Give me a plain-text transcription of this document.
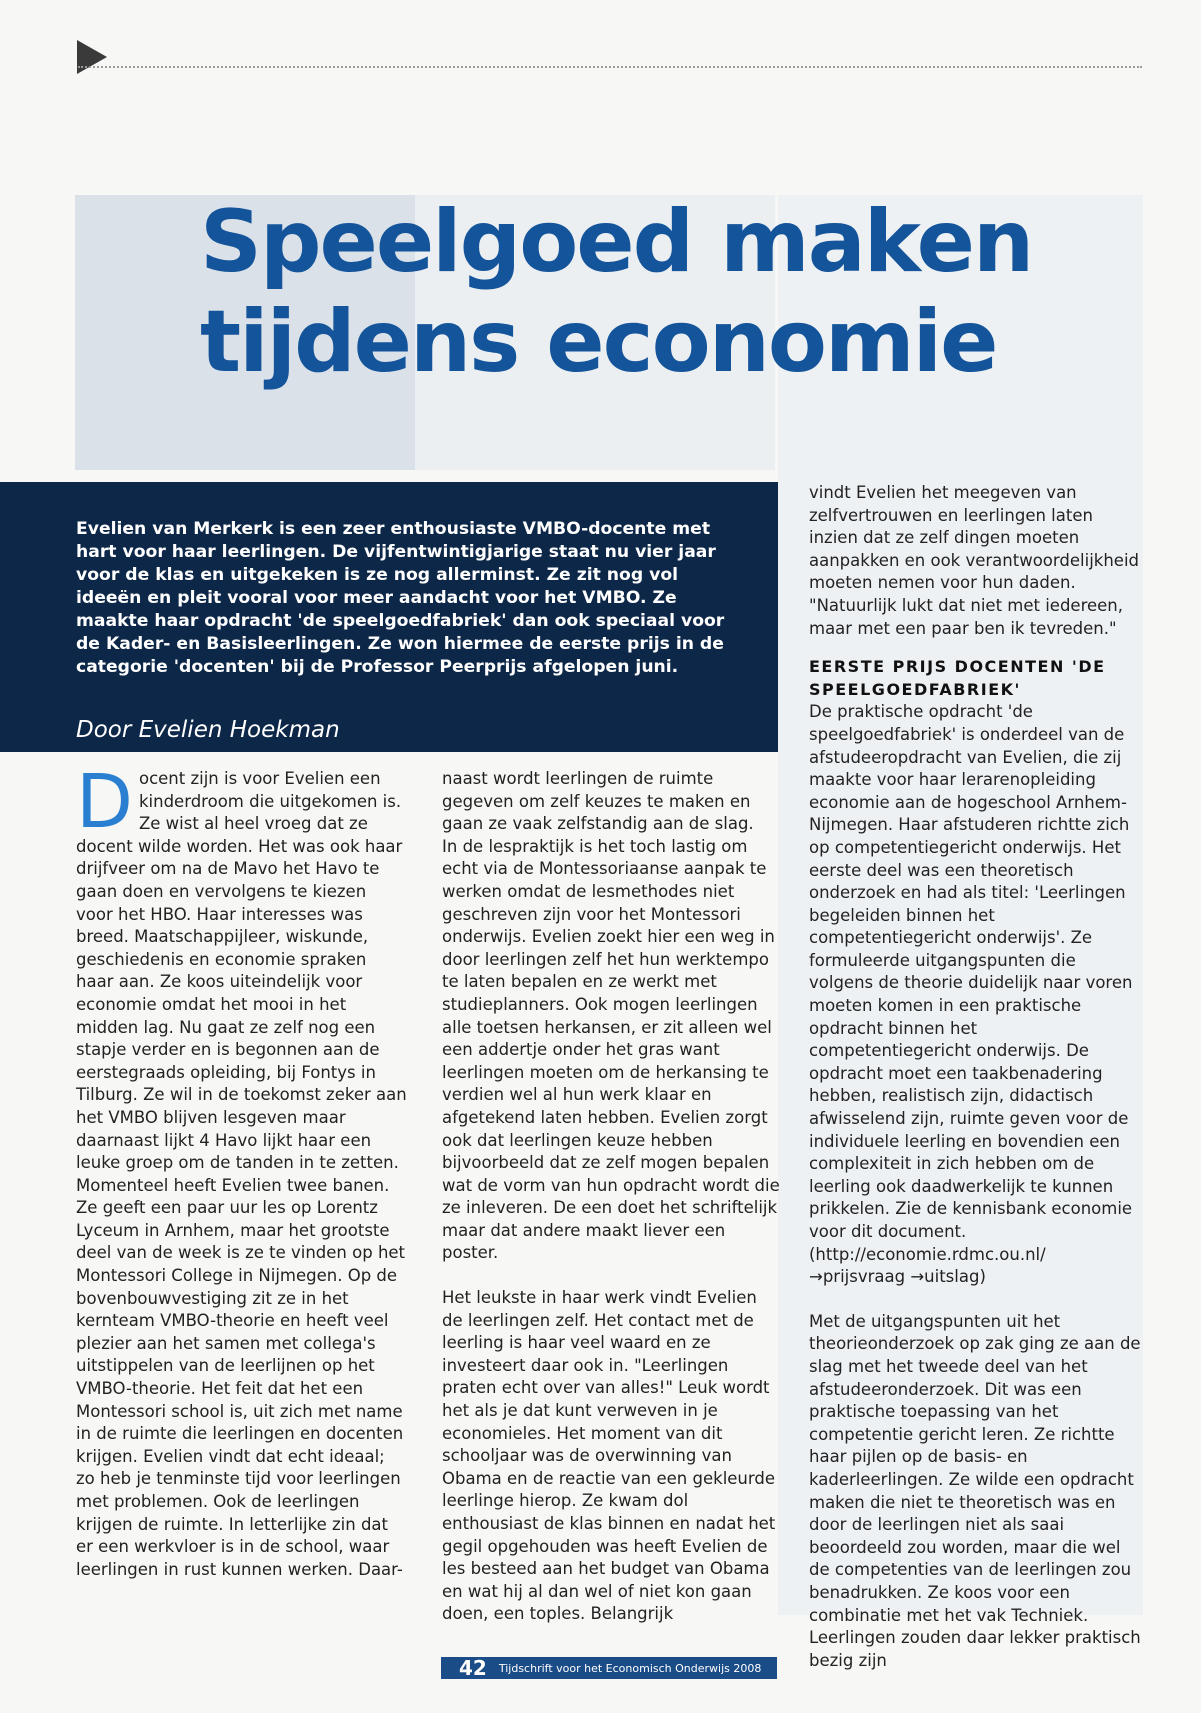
Speelgoed maken
tijdens economie

Evelien van Merkerk is een zeer enthousiaste VMBO-docente met hart voor haar leerlingen. De vijfentwintigjarige staat nu vier jaar voor de klas en uitgekeken is ze nog allerminst. Ze zit nog vol ideeën en pleit vooral voor meer aandacht voor het VMBO. Ze maakte haar opdracht 'de speelgoedfabriek' dan ook speciaal voor de Kader- en Basisleerlingen. Ze won hiermee de eerste prijs in de categorie 'docenten' bij de Professor Peerprijs afgelopen juni.

Door Evelien Hoekman

Docent zijn is voor Evelien een kinderdroom die uitgekomen is. Ze wist al heel vroeg dat ze docent wilde worden. Het was ook haar drijfveer om na de Mavo het Havo te gaan doen en vervolgens te kiezen voor het HBO. Haar interesses was breed. Maatschappijleer, wiskunde, geschiedenis en economie spraken haar aan. Ze koos uiteindelijk voor economie omdat het mooi in het midden lag. Nu gaat ze zelf nog een stapje verder en is begonnen aan de eerstegraads opleiding, bij Fontys in Tilburg. Ze wil in de toekomst zeker aan het VMBO blijven lesgeven maar daarnaast lijkt 4 Havo lijkt haar een leuke groep om de tanden in te zetten.

Momenteel heeft Evelien twee banen. Ze geeft een paar uur les op Lorentz Lyceum in Arnhem, maar het grootste deel van de week is ze te vinden op het Montessori College in Nijmegen. Op de bovenbouwvestiging zit ze in het kernteam VMBO-theorie en heeft veel plezier aan het samen met collega's uitstippelen van de leerlijnen op het VMBO-theorie. Het feit dat het een Montessori school is, uit zich met name in de ruimte die leerlingen en docenten krijgen. Evelien vindt dat echt ideaal; zo heb je tenminste tijd voor leerlingen met problemen. Ook de leerlingen krijgen de ruimte. In letterlijke zin dat er een werkvloer is in de school, waar leerlingen in rust kunnen werken. Daar-

naast wordt leerlingen de ruimte gegeven om zelf keuzes te maken en gaan ze vaak zelfstandig aan de slag.

In de lespraktijk is het toch lastig om echt via de Montessoriaanse aanpak te werken omdat de lesmethodes niet geschreven zijn voor het Montessori onderwijs. Evelien zoekt hier een weg in door leerlingen zelf het hun werktempo te laten bepalen en ze werkt met studieplanners. Ook mogen leerlingen alle toetsen herkansen, er zit alleen wel een addertje onder het gras want leerlingen moeten om de herkansing te verdien wel al hun werk klaar en afgetekend laten hebben. Evelien zorgt ook dat leerlingen keuze hebben bijvoorbeeld dat ze zelf mogen bepalen wat de vorm van hun opdracht wordt die ze inleveren. De een doet het schriftelijk maar dat andere maakt liever een poster.

Het leukste in haar werk vindt Evelien de leerlingen zelf. Het contact met de leerling is haar veel waard en ze investeert daar ook in. "Leerlingen praten echt over van alles!" Leuk wordt het als je dat kunt verweven in je economieles. Het moment van dit schooljaar was de overwinning van Obama en de reactie van een gekleurde leerlinge hierop. Ze kwam dol enthousiast de klas binnen en nadat het gegil opgehouden was heeft Evelien de les besteed aan het budget van Obama en wat hij al dan wel of niet kon gaan doen, een toples. Belangrijk

vindt Evelien het meegeven van zelfvertrouwen en leerlingen laten inzien dat ze zelf dingen moeten aanpakken en ook verantwoordelijkheid moeten nemen voor hun daden. "Natuurlijk lukt dat niet met iedereen, maar met een paar ben ik tevreden."

EERSTE PRIJS DOCENTEN 'DE SPEELGOEDFABRIEK'

De praktische opdracht 'de speelgoedfabriek' is onderdeel van de afstudeeropdracht van Evelien, die zij maakte voor haar lerarenopleiding economie aan de hogeschool Arnhem-Nijmegen. Haar afstuderen richtte zich op competentiegericht onderwijs. Het eerste deel was een theoretisch onderzoek en had als titel: 'Leerlingen begeleiden binnen het competentiegericht onderwijs'. Ze formuleerde uitgangspunten die volgens de theorie duidelijk naar voren moeten komen in een praktische opdracht binnen het competentiegericht onderwijs. De opdracht moet een taakbenadering hebben, realistisch zijn, didactisch afwisselend zijn, ruimte geven voor de individuele leerling en bovendien een complexiteit in zich hebben om de leerling ook daadwerkelijk te kunnen prikkelen. Zie de kennisbank economie voor dit document. (http://economie.rdmc.ou.nl/ →prijsvraag →uitslag)

Met de uitgangspunten uit het theorieonderzoek op zak ging ze aan de slag met het tweede deel van het afstudeeronderzoek. Dit was een praktische toepassing van het competentie gericht leren. Ze richtte haar pijlen op de basis- en kaderleerlingen. Ze wilde een opdracht maken die niet te theoretisch was en door de leerlingen niet als saai beoordeeld zou worden, maar die wel de competenties van de leerlingen zou benadrukken. Ze koos voor een combinatie met het vak Techniek. Leerlingen zouden daar lekker praktisch bezig zijn

42 Tijdschrift voor het Economisch Onderwijs 2008
